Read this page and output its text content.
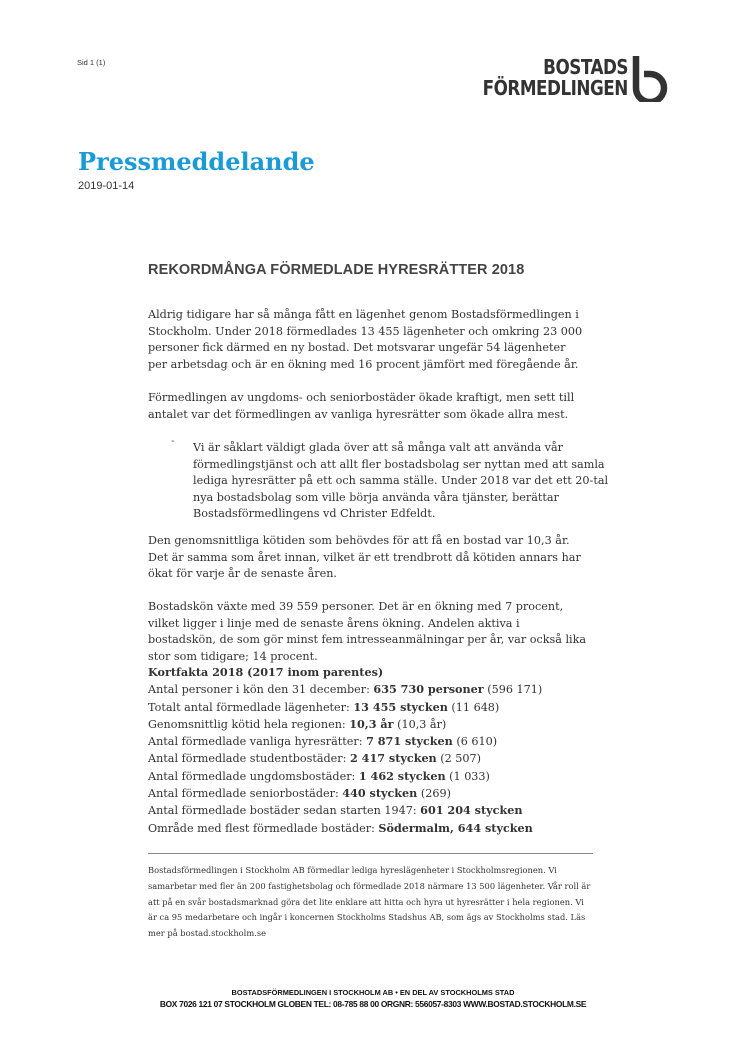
Sid 1 (1)	BOSTADS
FÖRMEDLINGEN
Pressmeddelande
2019-01-14
REKORDMÅNGA FÖRMEDLADE HYRESRÄTTER 2018
Aldrig tidigare har så många fått en lägenhet genom Bostadsförmedlingen i Stockholm. Under 2018 förmedlades 13 455 lägenheter och omkring 23 000 personer fick därmed en ny bostad. Det motsvarar ungefär 54 lägenheter per arbetsdag och är en ökning med 16 procent jämfört med föregående år.
Förmedlingen av ungdoms- och seniorbostäder ökade kraftigt, men sett till antalet var det förmedlingen av vanliga hyresrätter som ökade allra mest.
-
Vi är såklart väldigt glada över att så många valt att använda vår förmedlingstjänst och att allt fler bostadsbolag ser nyttan med att samla lediga hyresrätter på ett och samma ställe. Under 2018 var det ett 20-tal nya bostadsbolag som ville börja använda våra tjänster, berättar Bostadsförmedlingens vd Christer Edfeldt.
Den genomsnittliga kötiden som behövdes för att få en bostad var 10,3 år. Det är samma som året innan, vilket är ett trendbrott då kötiden annars har ökat för varje år de senaste åren.
Bostadskön växte med 39 559 personer. Det är en ökning med 7 procent, vilket ligger i linje med de senaste årens ökning. Andelen aktiva i bostadskön, de som gör minst fem intresseanmälningar per år, var också lika stor som tidigare; 14 procent.
Kortfakta 2018 (2017 inom parentes)
Antal personer i kön den 31 december: 635 730 personer (596 171)
Totalt antal förmedlade lägenheter: 13 455 stycken (11 648)
Genomsnittlig kötid hela regionen: 10,3 år (10,3 år)
Antal förmedlade vanliga hyresrätter: 7 871 stycken (6 610)
Antal förmedlade studentbostäder: 2 417 stycken (2 507)
Antal förmedlade ungdomsbostäder: 1 462 stycken (1 033)
Antal förmedlade seniorbostäder: 440 stycken (269)
Antal förmedlade bostäder sedan starten 1947: 601 204 stycken
Område med flest förmedlade bostäder: Södermalm, 644 stycken
Bostadsförmedlingen i Stockholm AB förmedlar lediga hyreslägenheter i Stockholmsregionen. Vi samarbetar med fler än 200 fastighetsbolag och förmedlade 2018 närmare 13 500 lägenheter. Vår roll är att på en svår bostadsmarknad göra det lite enklare att hitta och hyra ut hyresrätter i hela regionen. Vi är ca 95 medarbetare och ingår i koncernen Stockholms Stadshus AB, som ägs av Stockholms stad. Läs mer på bostad.stockholm.se
BOSTADSFÖRMEDLINGEN I STOCKHOLM AB • EN DEL AV STOCKHOLMS STAD
BOX 7026 121 07 STOCKHOLM GLOBEN TEL: 08-785 88 00 ORGNR: 556057-8303 WWW.BOSTAD.STOCKHOLM.SE
